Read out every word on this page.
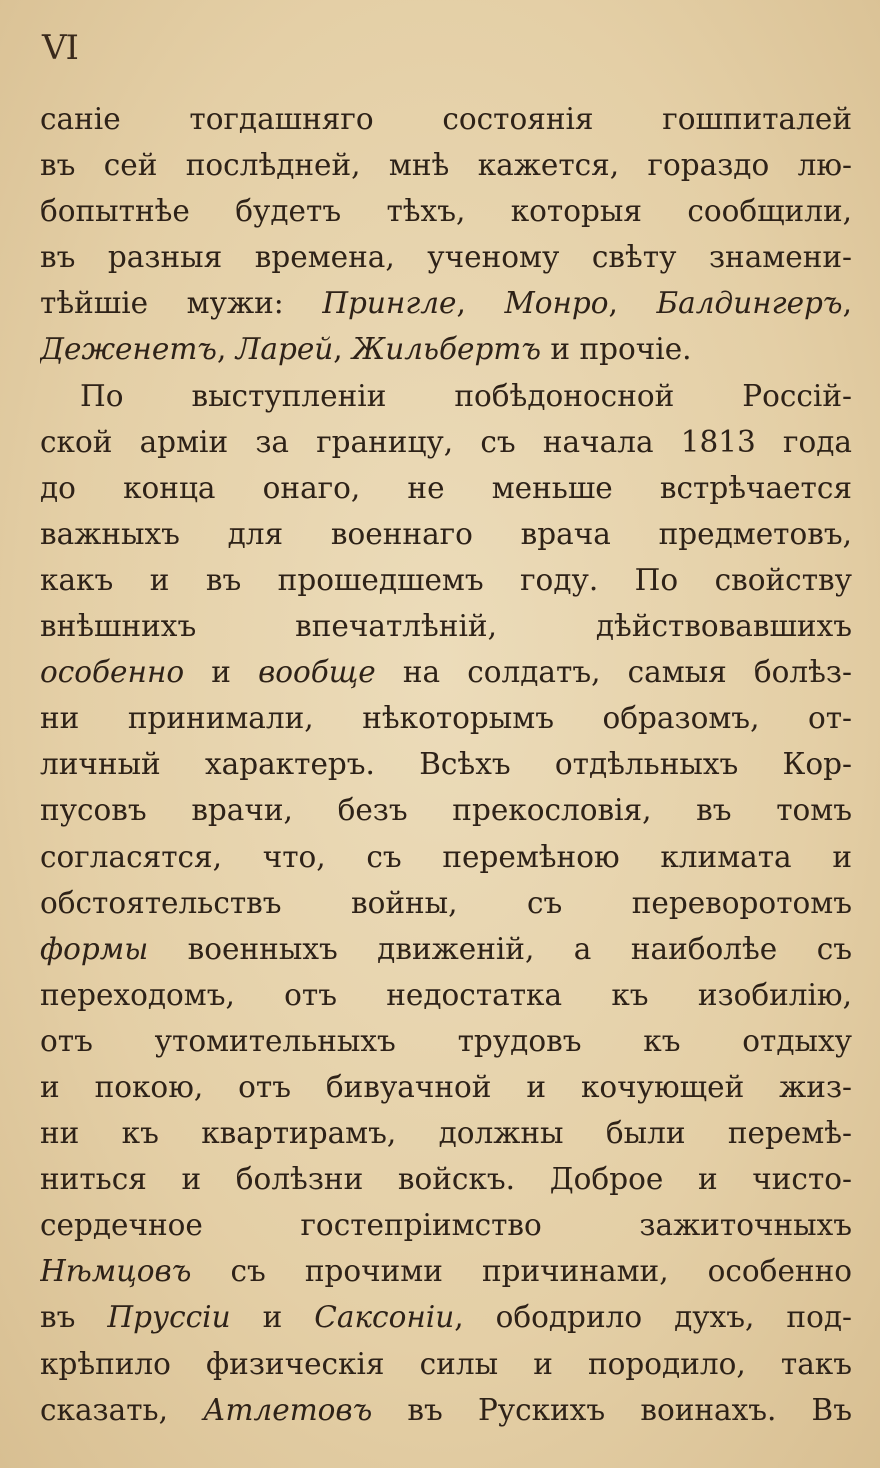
VI
саніе тогдашняго состоянія гошпиталей
въ сей послѣдней, мнѣ кажется, гораздо лю-
бопытнѣе будетъ тѣхъ, которыя сообщили,
въ разныя времена, ученому свѣту знамени-
тѣйшіе мужи: Прингле, Монро, Балдингеръ,
Деженетъ, Ларей, Жильбертъ и прочіе.
По выступленіи побѣдоносной Россій-
ской арміи за границу, съ начала 1813 года
до конца онаго, не меньше встрѣчается
важныхъ для военнаго врача предметовъ,
какъ и въ прошедшемъ году. По свойству
внѣшнихъ впечатлѣній, дѣйствовавшихъ
особенно и вообще на солдатъ, самыя болѣз-
ни принимали, нѣкоторымъ образомъ, от-
личный характеръ. Всѣхъ отдѣльныхъ Кор-
пусовъ врачи, безъ прекословія, въ томъ
согласятся, что, съ перемѣною климата и
обстоятельствъ войны, съ переворотомъ
формы военныхъ движеній, а наиболѣе съ
переходомъ, отъ недостатка къ изобилію,
отъ утомительныхъ трудовъ къ отдыху
и покою, отъ бивуачной и кочующей жиз-
ни къ квартирамъ, должны были перемѣ-
ниться и болѣзни войскъ. Доброе и чисто-
сердечное гостепріимство зажиточныхъ
Нѣмцовъ съ прочими причинами, особенно
въ Пруссіи и Саксоніи, ободрило духъ, под-
крѣпило физическія силы и породило, такъ
сказать, Атлетовъ въ Рускихъ воинахъ. Въ
